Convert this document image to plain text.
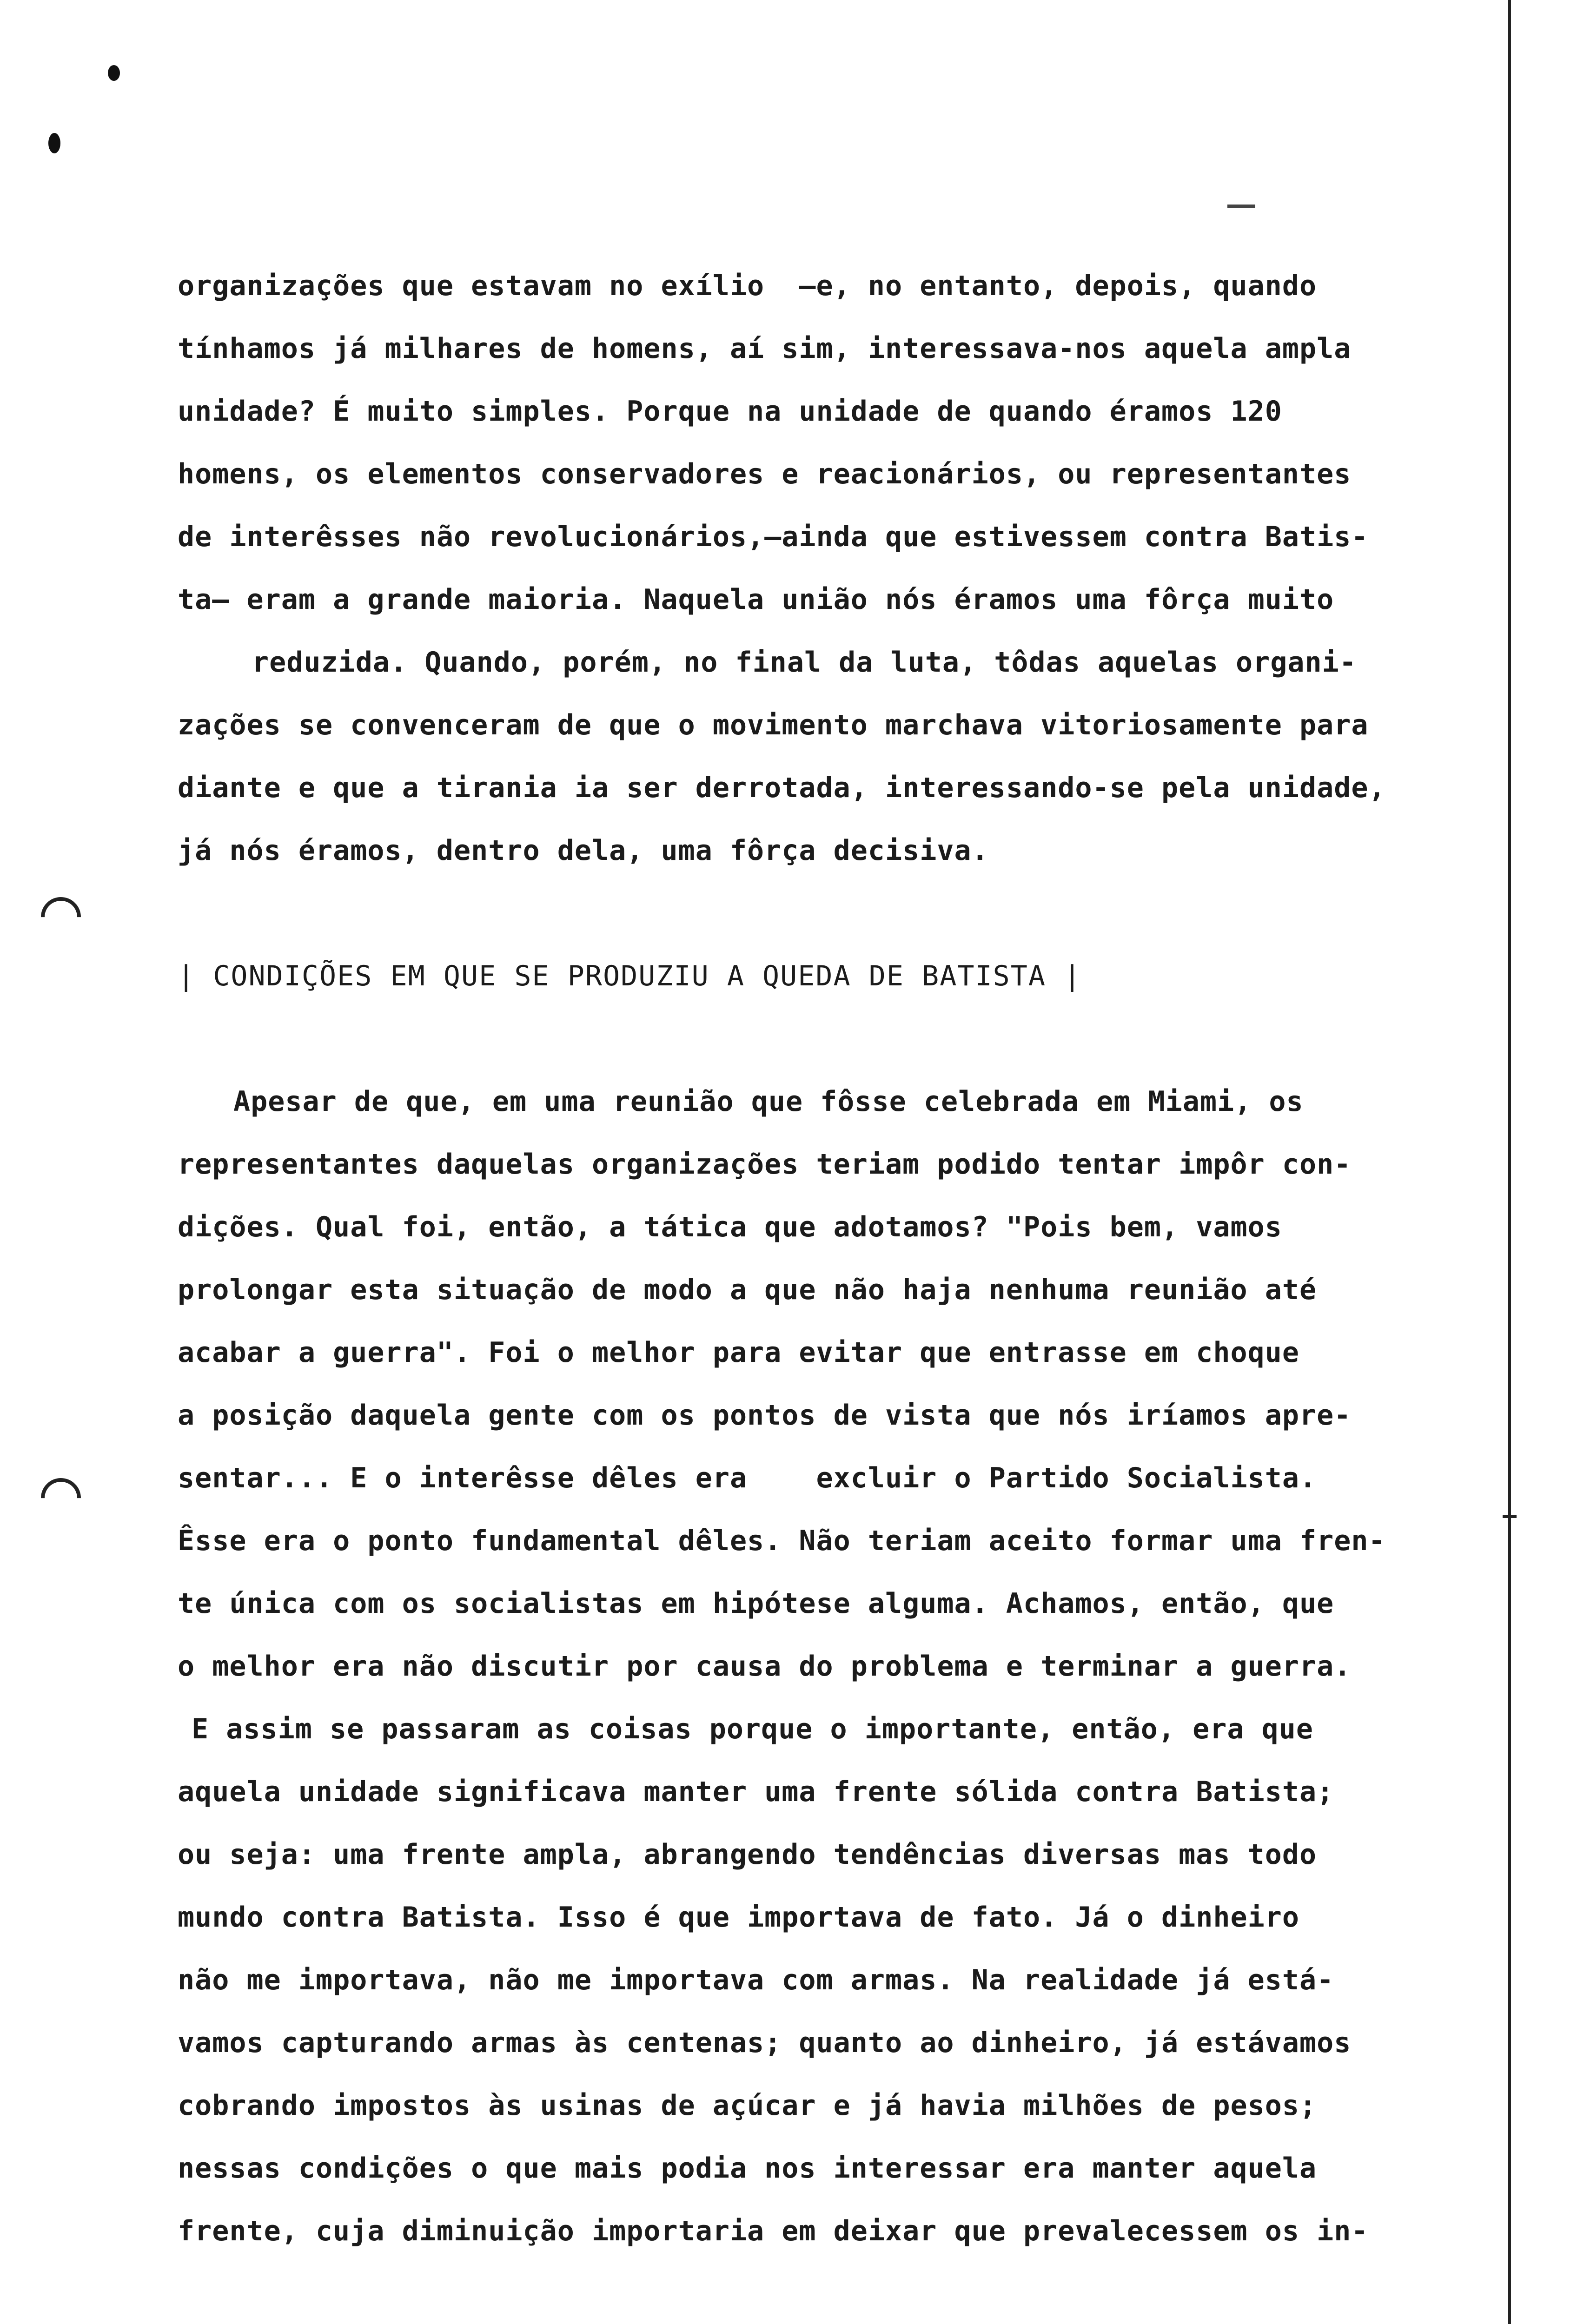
organizações que estavam no exílio  —e, no entanto, depois, quando
tínhamos já milhares de homens, aí sim, interessava-nos aquela ampla
unidade? É muito simples. Porque na unidade de quando éramos 120
homens, os elementos conservadores e reacionários, ou representantes
de interêsses não revolucionários,—ainda que estivessem contra Batis-
ta— eram a grande maioria. Naquela união nós éramos uma fôrça muito
reduzida. Quando, porém, no final da luta, tôdas aquelas organi-
zações se convenceram de que o movimento marchava vitoriosamente para
diante e que a tirania ia ser derrotada, interessando-se pela unidade,
já nós éramos, dentro dela, uma fôrça decisiva.
| CONDIÇÕES EM QUE SE PRODUZIU A QUEDA DE BATISTA |
Apesar de que, em uma reunião que fôsse celebrada em Miami, os
representantes daquelas organizações teriam podido tentar impôr con-
dições. Qual foi, então, a tática que adotamos? "Pois bem, vamos
prolongar esta situação de modo a que não haja nenhuma reunião até
acabar a guerra". Foi o melhor para evitar que entrasse em choque
a posição daquela gente com os pontos de vista que nós iríamos apre-
sentar... E o interêsse dêles era    excluir o Partido Socialista.
Êsse era o ponto fundamental dêles. Não teriam aceito formar uma fren-
te única com os socialistas em hipótese alguma. Achamos, então, que
o melhor era não discutir por causa do problema e terminar a guerra.
E assim se passaram as coisas porque o importante, então, era que
aquela unidade significava manter uma frente sólida contra Batista;
ou seja: uma frente ampla, abrangendo tendências diversas mas todo
mundo contra Batista. Isso é que importava de fato. Já o dinheiro
não me importava, não me importava com armas. Na realidade já está-
vamos capturando armas às centenas; quanto ao dinheiro, já estávamos
cobrando impostos às usinas de açúcar e já havia milhões de pesos;
nessas condições o que mais podia nos interessar era manter aquela
frente, cuja diminuição importaria em deixar que prevalecessem os in-
